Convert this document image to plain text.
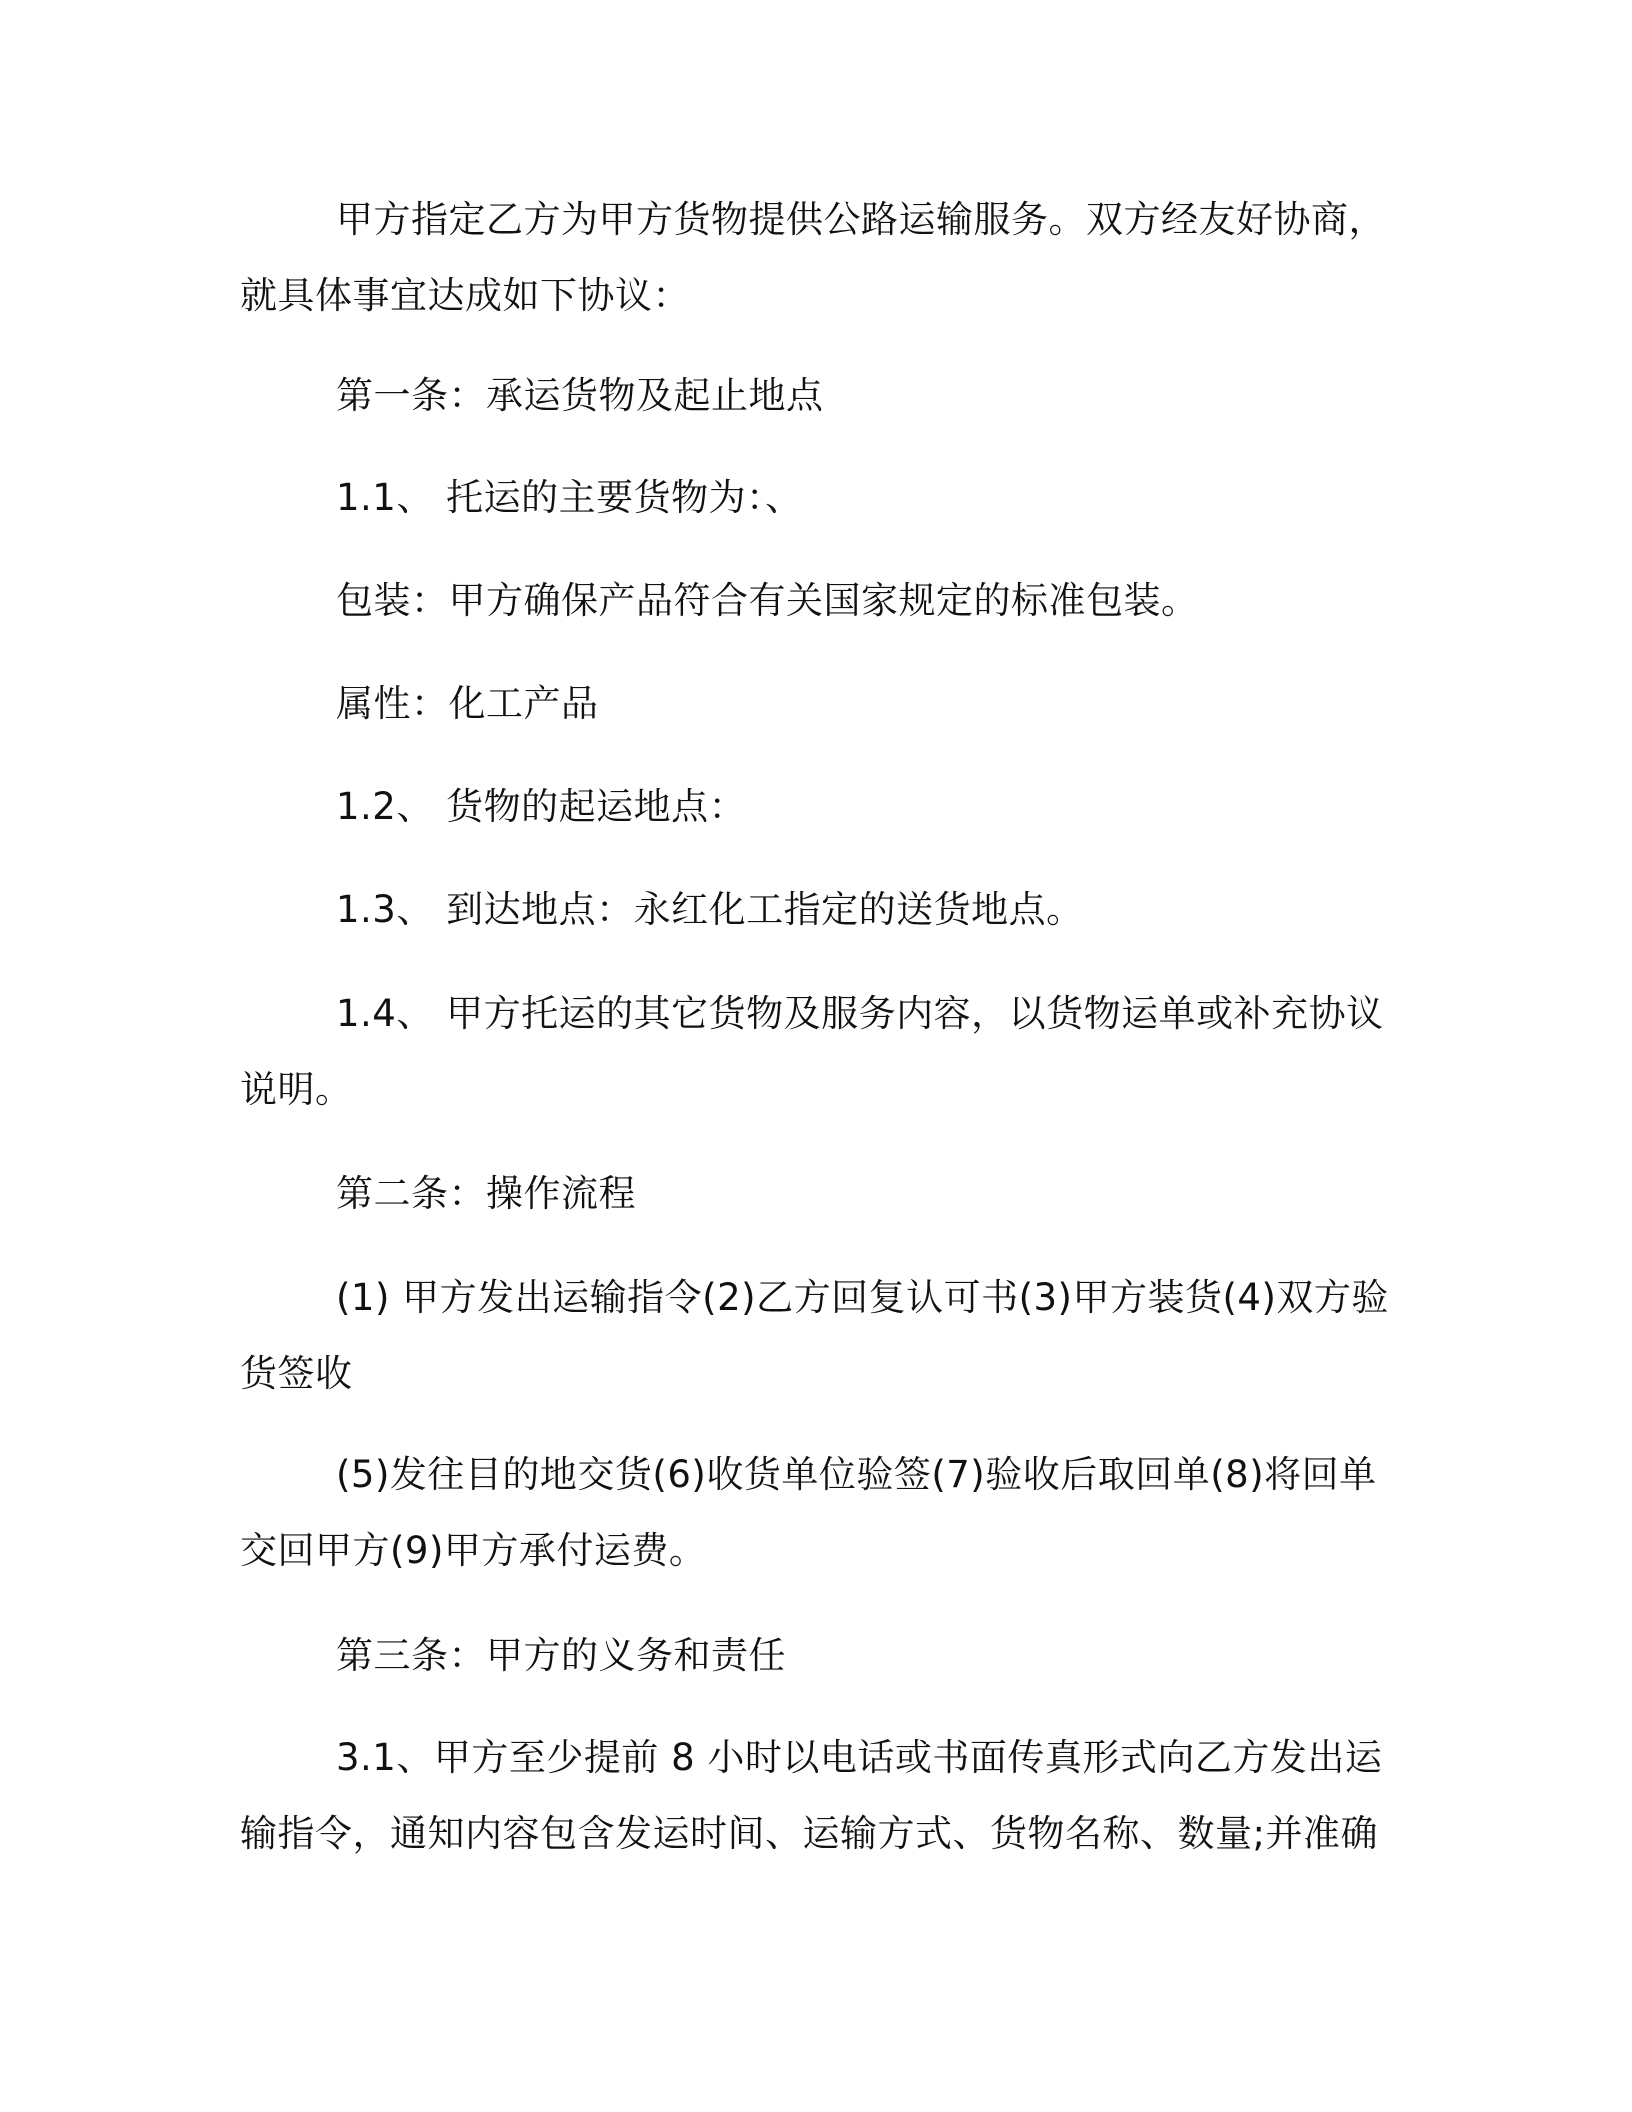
甲方指定乙方为甲方货物提供公路运输服务。双方经友好协商，就具体事宜达成如下协议：

第一条：承运货物及起止地点

1.1、 托运的主要货物为：、

包装：甲方确保产品符合有关国家规定的标准包装。

属性：化工产品

1.2、 货物的起运地点：

1.3、 到达地点：永红化工指定的送货地点。

1.4、 甲方托运的其它货物及服务内容，以货物运单或补充协议说明。

第二条：操作流程

(1) 甲方发出运输指令(2)乙方回复认可书(3)甲方装货(4)双方验货签收

(5)发往目的地交货(6)收货单位验签(7)验收后取回单(8)将回单交回甲方(9)甲方承付运费。

第三条：甲方的义务和责任

3.1、甲方至少提前 8 小时以电话或书面传真形式向乙方发出运输指令，通知内容包含发运时间、运输方式、货物名称、数量;并准确
